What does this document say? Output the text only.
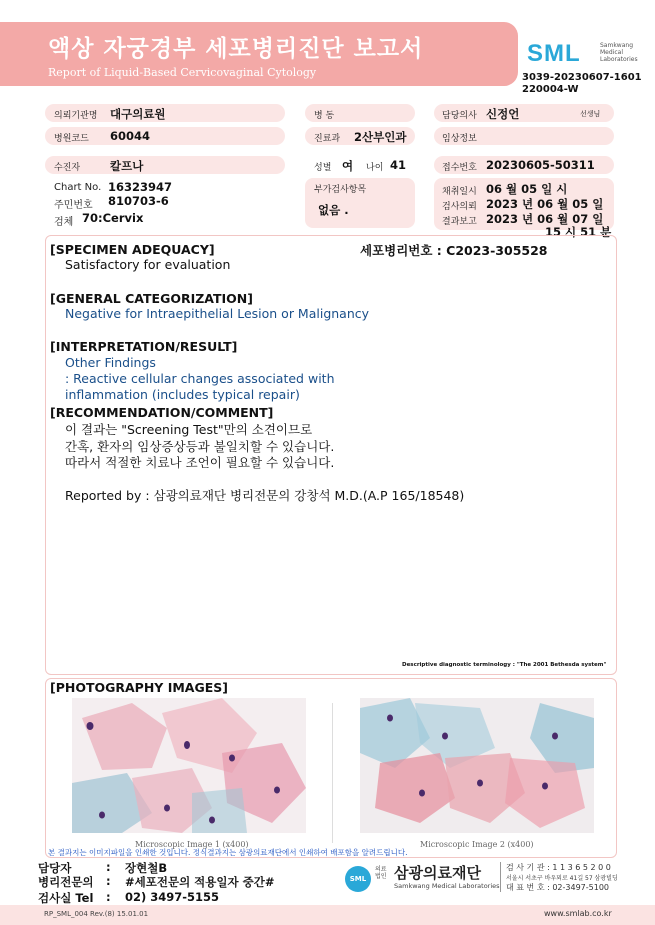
액상 자궁경부 세포병리진단 보고서
Report of Liquid-Based Cervicovaginal Cytology
SML	Samkwang Medical Laboratories
3039-20230607-1601
220004-W
의뢰기관명 대구의료원	병 동	담당의사 신정언	선생님
병원코드 60044	진료과 2산부인과	임상정보
수진자	칼프나	성별 여 나이 41	접수번호 20230605-50311
Chart No. 16323947
주민번호 810703-6
검체 70:Cervix
부가검사항목
없음 .
채취일시 06 월 05 일 시
검사의뢰 2023 년 06 월 05 일
결과보고 2023 년 06 월 07 일
15 시 51 분
[SPECIMEN ADEQUACY]	세포병리번호 : C2023-305528
Satisfactory for evaluation
[GENERAL CATEGORIZATION]
Negative for Intraepithelial Lesion or Malignancy
[INTERPRETATION/RESULT]
Other Findings
: Reactive cellular changes associated with
inflammation (includes typical repair)
[RECOMMENDATION/COMMENT]
이 결과는 "Screening Test"만의 소견이므로
간혹, 환자의 임상증상등과 불일치할 수 있습니다.
따라서 적절한 치료나 조언이 필요할 수 있습니다.
Reported by : 삼광의료재단 병리전문의 강창석 M.D.(A.P 165/18548)
Descriptive diagnostic terminology : "The 2001 Bethesda system"
[PHOTOGRAPHY IMAGES]
Microscopic Image 1 (x400)	Microscopic Image 2 (x400)
본 결과지는 이미지파일을 인쇄한 것입니다. 정식결과지는 삼광의료재단에서 인쇄하여 배포함을 알려드립니다.
담당자	: 장현철B
병리전문의 : #세포전문의 적용일자 중간#
검사실 Tel : 02) 3497-5155
SML
의료 법인 삼광의료재단
Samkwang Medical Laboratories
검 사 기 관 : 1 1 3 6 5 2 0 0
서울시 서초구 바우뫼로 41길 57 삼광빌딩
대 표 번 호 : 02-3497-5100
RP_SML_004 Rev.(8) 15.01.01	www.smlab.co.kr
